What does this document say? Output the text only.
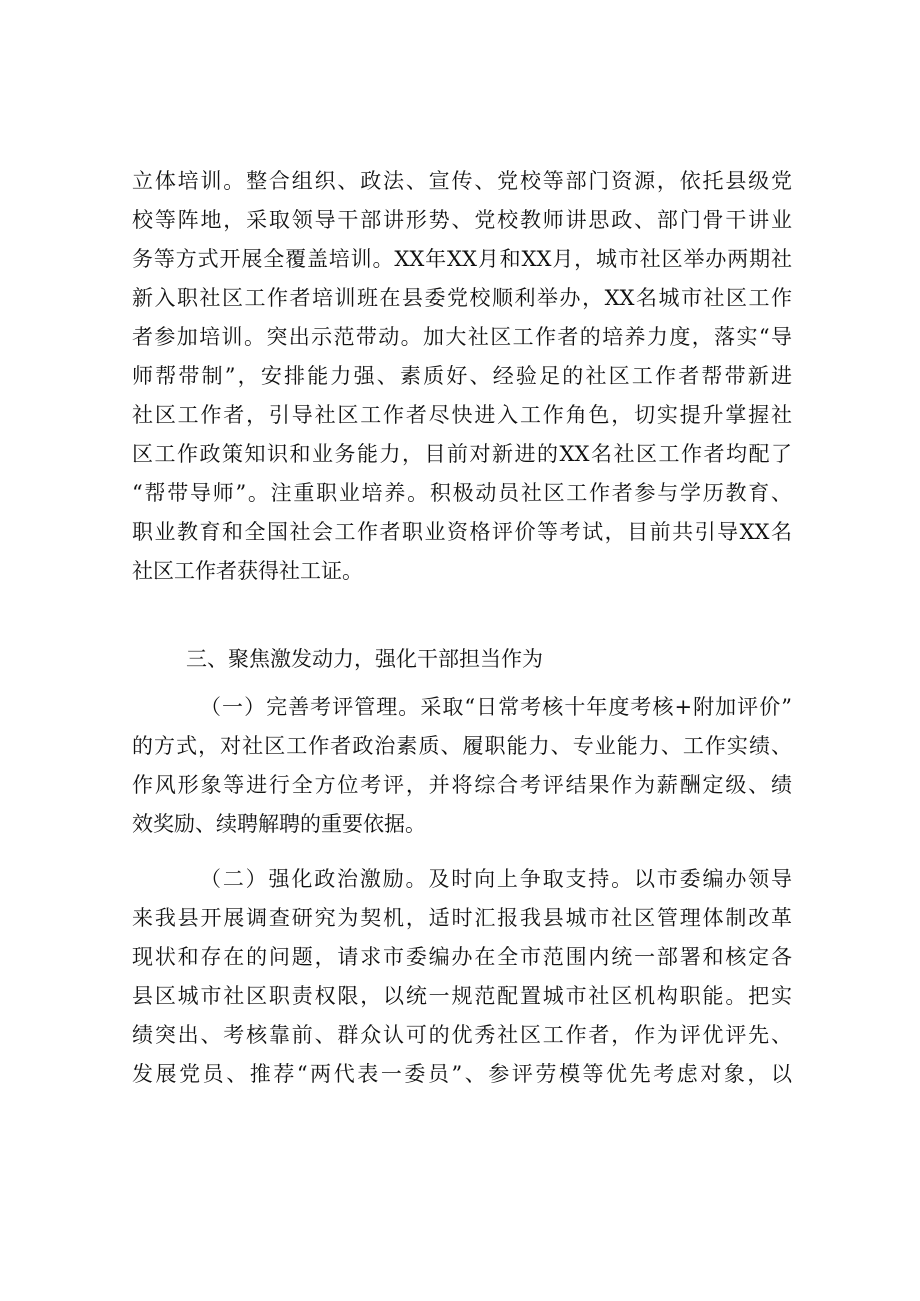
立体培训。整合组织、政法、宣传、党校等部门资源，依托县级党
校等阵地，采取领导干部讲形势、党校教师讲思政、部门骨干讲业
务等方式开展全覆盖培训。XX年XX月和XX月，城市社区举办两期社
新入职社区工作者培训班在县委党校顺利举办，XX名城市社区工作
者参加培训。突出示范带动。加大社区工作者的培养力度，落实“导
师帮带制”，安排能力强、素质好、经验足的社区工作者帮带新进
社区工作者，引导社区工作者尽快进入工作角色，切实提升掌握社
区工作政策知识和业务能力，目前对新进的XX名社区工作者均配了
“帮带导师”。注重职业培养。积极动员社区工作者参与学历教育、
职业教育和全国社会工作者职业资格评价等考试，目前共引导XX名
社区工作者获得社工证。
三、聚焦激发动力，强化干部担当作为
（一）完善考评管理。采取“日常考核十年度考核+附加评价”
的方式，对社区工作者政治素质、履职能力、专业能力、工作实绩、
作风形象等进行全方位考评，并将综合考评结果作为薪酬定级、绩
效奖励、续聘解聘的重要依据。
（二）强化政治激励。及时向上争取支持。以市委编办领导
来我县开展调查研究为契机，适时汇报我县城市社区管理体制改革
现状和存在的问题，请求市委编办在全市范围内统一部署和核定各
县区城市社区职责权限，以统一规范配置城市社区机构职能。把实
绩突出、考核靠前、群众认可的优秀社区工作者，作为评优评先、
发展党员、推荐“两代表一委员”、参评劳模等优先考虑对象，以
